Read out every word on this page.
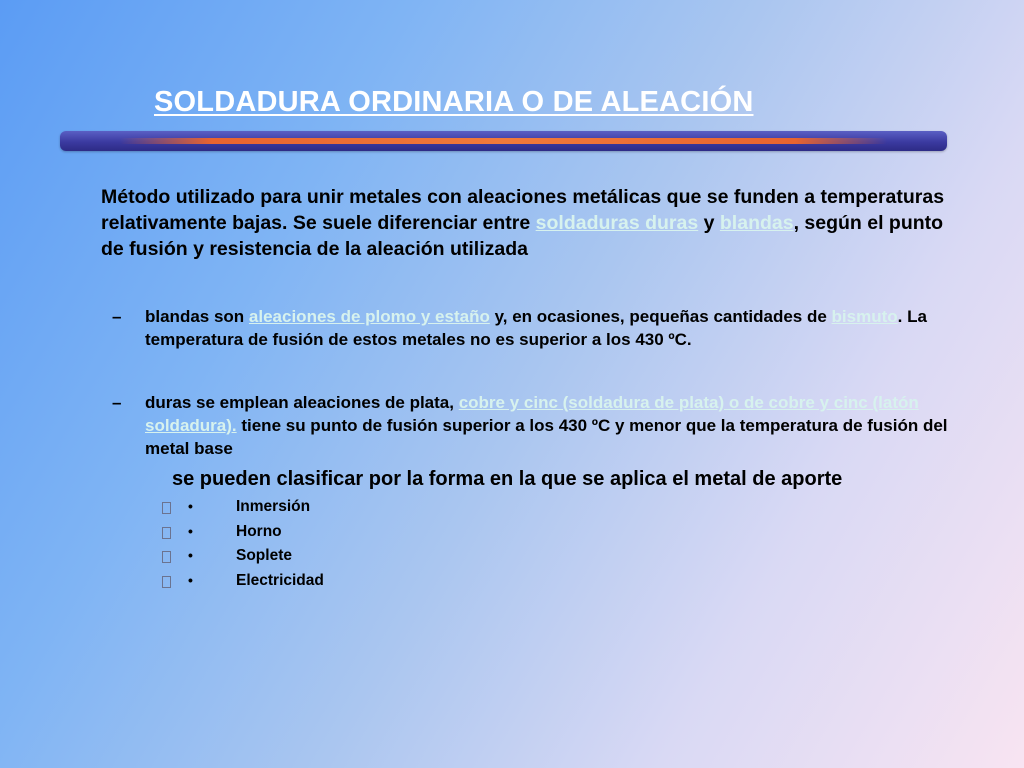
SOLDADURA ORDINARIA O DE ALEACIÓN

Método utilizado para unir metales con aleaciones metálicas que se funden a temperaturas relativamente bajas. Se suele diferenciar entre soldaduras duras y blandas, según el punto de fusión y resistencia de la aleación utilizada

–	blandas son aleaciones de plomo y estaño y, en ocasiones, pequeñas cantidades de bismuto. La temperatura de fusión de estos metales no es superior a los 430 ºC.
–	duras se emplean aleaciones de plata, cobre y cinc (soldadura de plata) o de cobre y cinc (latón soldadura). tiene su punto de fusión superior a los 430 ºC y menor que la temperatura de fusión del metal base

se pueden clasificar por la forma en la que se aplica el metal de aporte

•	Inmersión
•	Horno
•	Soplete
•	Electricidad
